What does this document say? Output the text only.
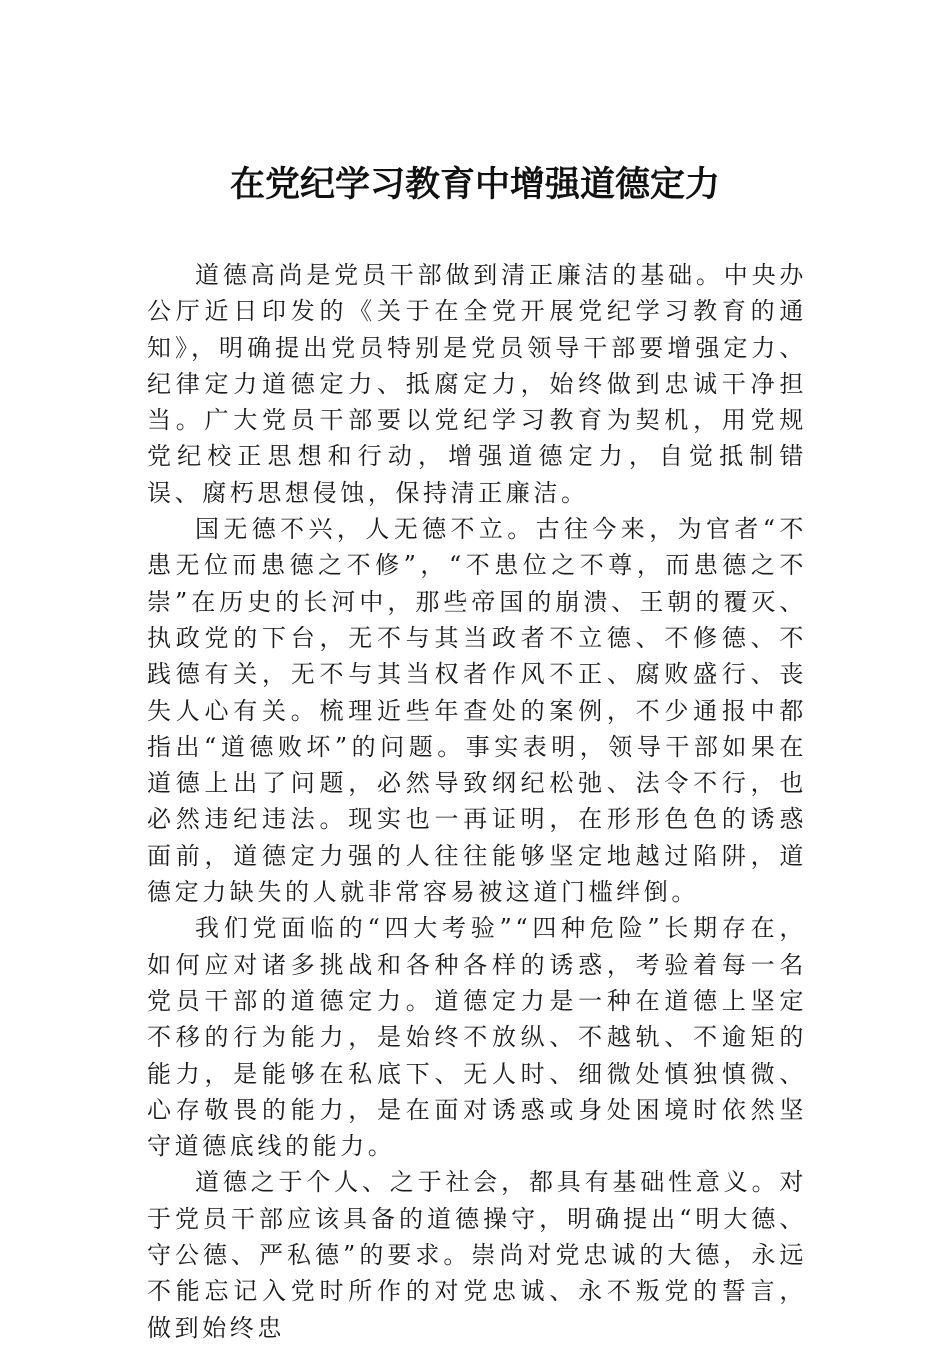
在党纪学习教育中增强道德定力

道德高尚是党员干部做到清正廉洁的基础。中央办公厅近日印发的《关于在全党开展党纪学习教育的通知》，明确提出党员特别是党员领导干部要增强定力、纪律定力道德定力、抵腐定力，始终做到忠诚干净担当。广大党员干部要以党纪学习教育为契机，用党规党纪校正思想和行动，增强道德定力，自觉抵制错误、腐朽思想侵蚀，保持清正廉洁。

国无德不兴，人无德不立。古往今来，为官者“不患无位而患德之不修”，“不患位之不尊，而患德之不崇”在历史的长河中，那些帝国的崩溃、王朝的覆灭、执政党的下台，无不与其当政者不立德、不修德、不践德有关，无不与其当权者作风不正、腐败盛行、丧失人心有关。梳理近些年查处的案例，不少通报中都指出“道德败坏”的问题。事实表明，领导干部如果在道德上出了问题，必然导致纲纪松弛、法令不行，也必然违纪违法。现实也一再证明，在形形色色的诱惑面前，道德定力强的人往往能够坚定地越过陷阱，道德定力缺失的人就非常容易被这道门槛绊倒。

我们党面临的“四大考验”“四种危险”长期存在，如何应对诸多挑战和各种各样的诱惑，考验着每一名党员干部的道德定力。道德定力是一种在道德上坚定不移的行为能力，是始终不放纵、不越轨、不逾矩的能力，是能够在私底下、无人时、细微处慎独慎微、心存敬畏的能力，是在面对诱惑或身处困境时依然坚守道德底线的能力。

道德之于个人、之于社会，都具有基础性意义。对于党员干部应该具备的道德操守，明确提出“明大德、守公德、严私德”的要求。崇尚对党忠诚的大德，永远不能忘记入党时所作的对党忠诚、永不叛党的誓言，做到始终忠
